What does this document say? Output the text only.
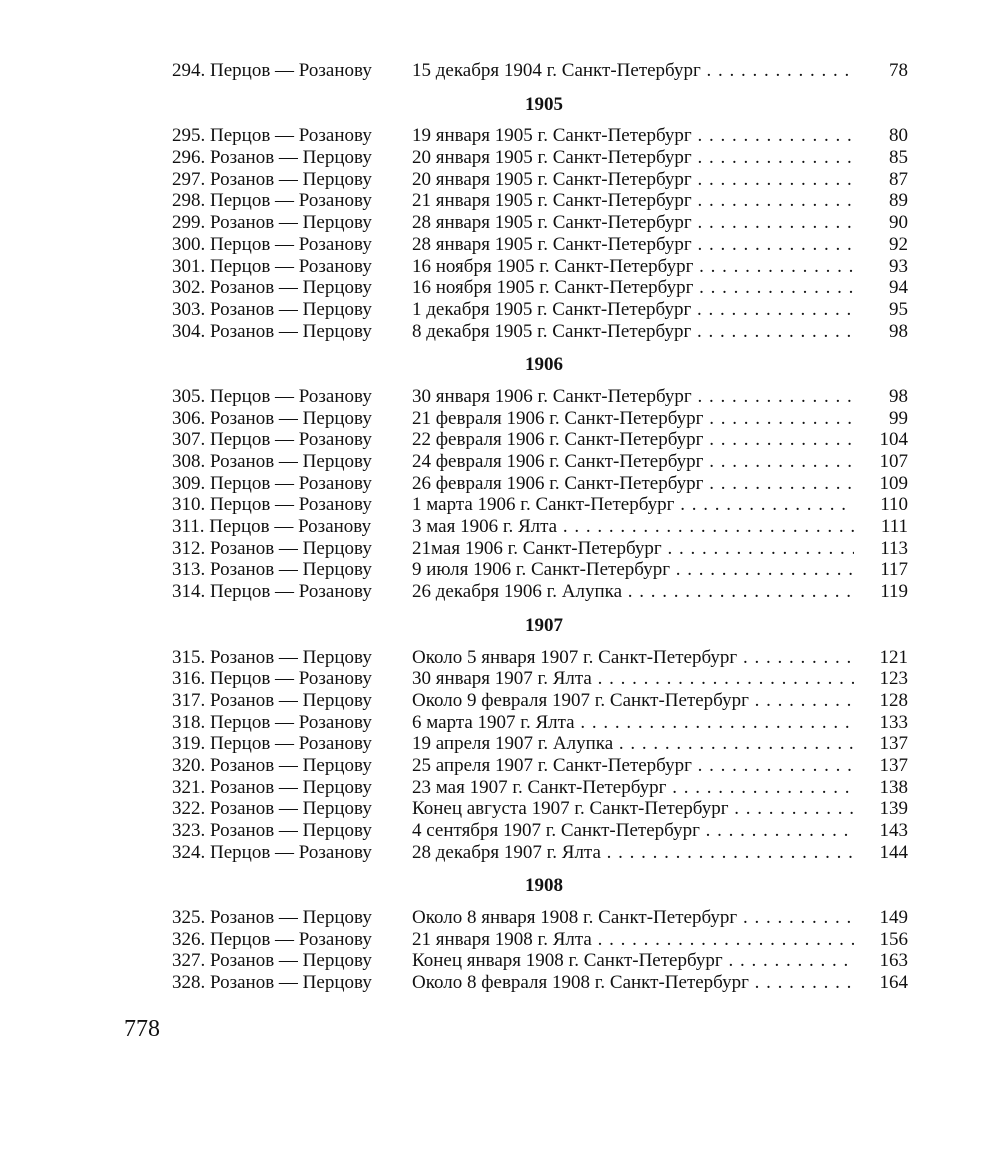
294. Перцов — Розанову 15 декабря 1904 г. Санкт-Петербург . . .	78
1905
295. Перцов — Розанову 19 января 1905 г. Санкт-Петербург . . .	80
296. Розанов — Перцову 20 января 1905 г. Санкт-Петербург . . .	85
297. Розанов — Перцову 20 января 1905 г. Санкт-Петербург . . .	87
298. Перцов — Розанову 21 января 1905 г. Санкт-Петербург . . .	89
299. Розанов — Перцову 28 января 1905 г. Санкт-Петербург . . .	90
300. Перцов — Розанову 28 января 1905 г. Санкт-Петербург . . .	92
301. Перцов — Розанову 16 ноября 1905 г. Санкт-Петербург . . .	93
302. Розанов — Перцову 16 ноября 1905 г. Санкт-Петербург . . .	94
303. Розанов — Перцову 1 декабря 1905 г. Санкт-Петербург . . .	95
304. Розанов — Перцову 8 декабря 1905 г. Санкт-Петербург . . .	98
1906
305. Перцов — Розанову 30 января 1906 г. Санкт-Петербург . . .	98
306. Розанов — Перцову 21 февраля 1906 г. Санкт-Петербург . . .	99
307. Перцов — Розанову 22 февраля 1906 г. Санкт-Петербург . . .	104
308. Розанов — Перцову 24 февраля 1906 г. Санкт-Петербург . . .	107
309. Перцов — Розанову 26 февраля 1906 г. Санкт-Петербург . . .	109
310. Перцов — Розанову 1 марта 1906 г. Санкт-Петербург . . .	110
311. Перцов — Розанову 3 мая 1906 г. Ялта . . .	111
312. Розанов — Перцову 21мая 1906 г. Санкт-Петербург . . .	113
313. Розанов — Перцову 9 июля 1906 г. Санкт-Петербург . . .	117
314. Перцов — Розанову 26 декабря 1906 г. Алупка . . .	119
1907
315. Розанов — Перцову Около 5 января 1907 г. Санкт-Петербург . . .	121
316. Перцов — Розанову 30 января 1907 г. Ялта . . .	123
317. Розанов — Перцову Около 9 февраля 1907 г. Санкт-Петербург . . .	128
318. Перцов — Розанову 6 марта 1907 г. Ялта . . .	133
319. Перцов — Розанову 19 апреля 1907 г. Алупка . . .	137
320. Розанов — Перцову 25 апреля 1907 г. Санкт-Петербург . . .	137
321. Розанов — Перцову 23 мая 1907 г. Санкт-Петербург . . .	138
322. Розанов — Перцову Конец августа 1907 г. Санкт-Петербург . . .	139
323. Розанов — Перцову 4 сентября 1907 г. Санкт-Петербург . . .	143
324. Перцов — Розанову 28 декабря 1907 г. Ялта . . .	144
1908
325. Розанов — Перцову Около 8 января 1908 г. Санкт-Петербург . . .	149
326. Перцов — Розанову 21 января 1908 г. Ялта . . .	156
327. Розанов — Перцову Конец января 1908 г. Санкт-Петербург . . .	163
328. Розанов — Перцову Около 8 февраля 1908 г. Санкт-Петербург . . .	164
778
